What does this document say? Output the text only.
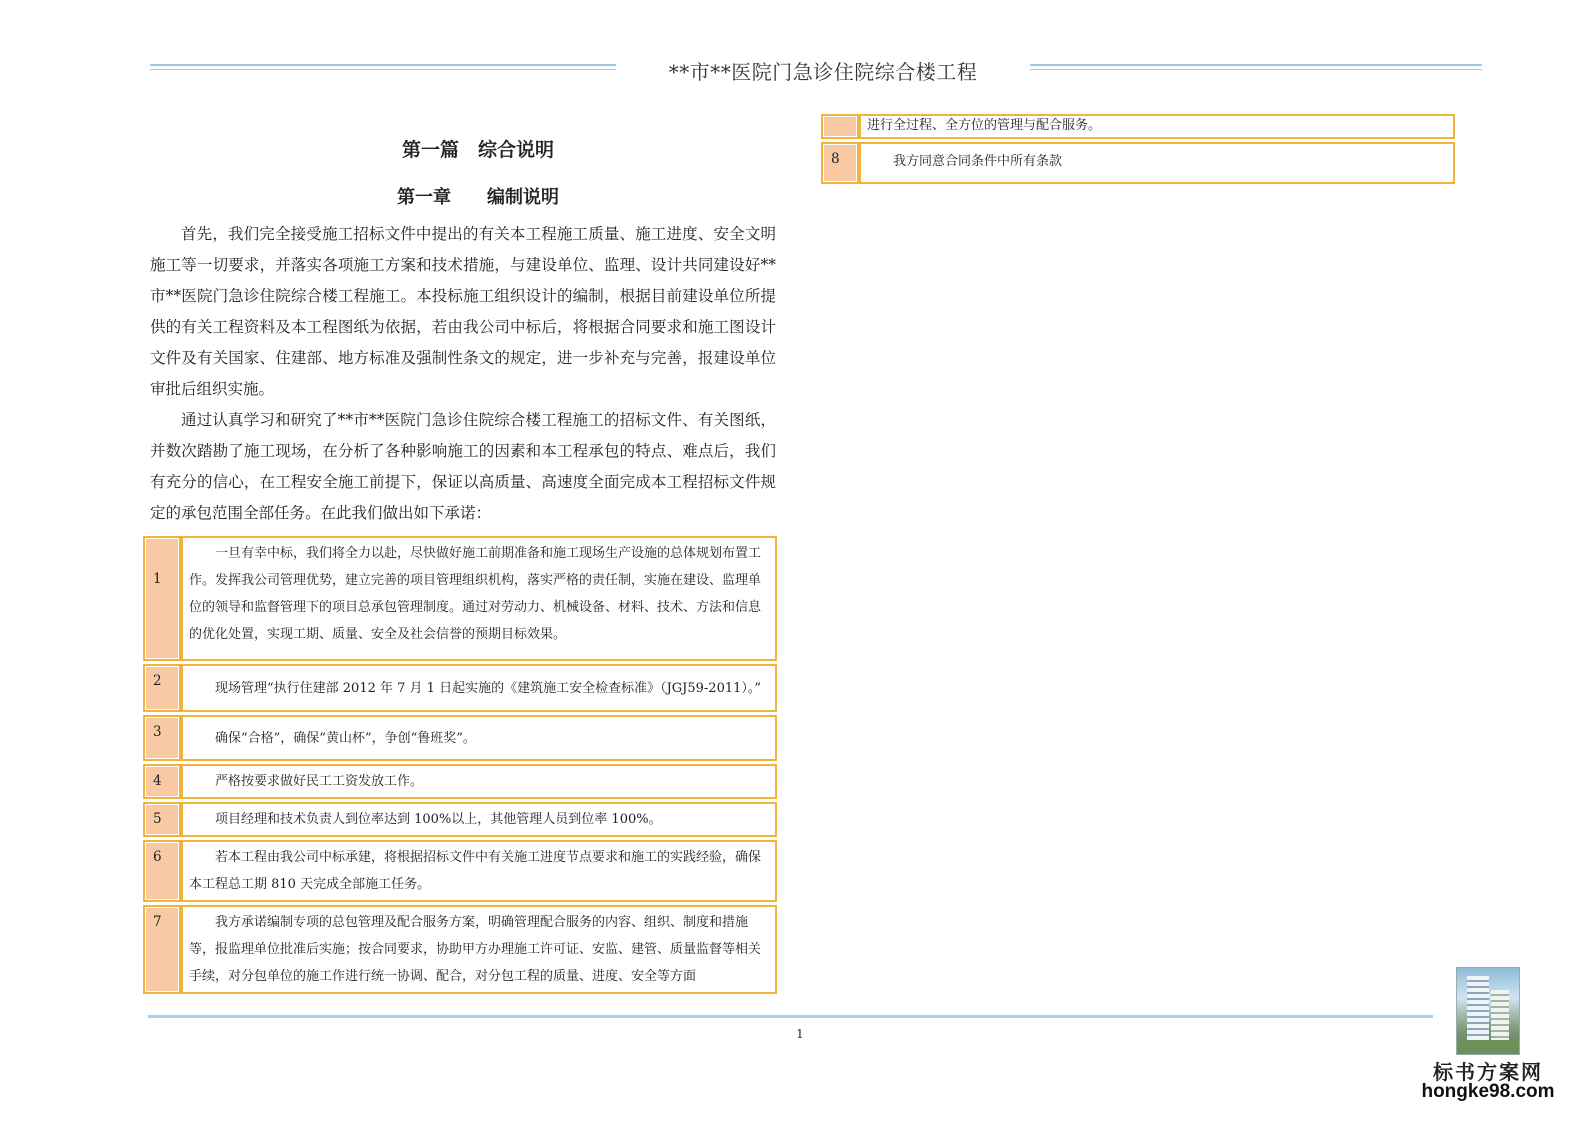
**市**医院门急诊住院综合楼工程
第一篇　综合说明
第一章　　编制说明

首先，我们完全接受施工招标文件中提出的有关本工程施工质量、施工进度、安全文明施工等一切要求，并落实各项施工方案和技术措施，与建设单位、监理、设计共同建设好**市**医院门急诊住院综合楼工程施工。本投标施工组织设计的编制，根据目前建设单位所提供的有关工程资料及本工程图纸为依据，若由我公司中标后，将根据合同要求和施工图设计文件及有关国家、住建部、地方标准及强制性条文的规定，进一步补充与完善，报建设单位审批后组织实施。

通过认真学习和研究了**市**医院门急诊住院综合楼工程施工的招标文件、有关图纸，并数次踏勘了施工现场，在分析了各种影响施工的因素和本工程承包的特点、难点后，我们有充分的信心，在工程安全施工前提下，保证以高质量、高速度全面完成本工程招标文件规定的承包范围全部任务。在此我们做出如下承诺：

1	一旦有幸中标，我们将全力以赴，尽快做好施工前期准备和施工现场生产设施的总体规划布置工作。发挥我公司管理优势，建立完善的项目管理组织机构，落实严格的责任制，实施在建设、监理单位的领导和监督管理下的项目总承包管理制度。通过对劳动力、机械设备、材料、技术、方法和信息的优化处置，实现工期、质量、安全及社会信誉的预期目标效果。

2	现场管理“执行住建部 2012 年 7 月 1 日起实施的《建筑施工安全检查标准》（JGJ59-2011）。”

3	确保“合格”，确保“黄山杯”，争创“鲁班奖”。

4	严格按要求做好民工工资发放工作。

5	项目经理和技术负责人到位率达到 100%以上，其他管理人员到位率 100%。

6	若本工程由我公司中标承建，将根据招标文件中有关施工进度节点要求和施工的实践经验，确保本工程总工期 810 天完成全部施工任务。

7	我方承诺编制专项的总包管理及配合服务方案，明确管理配合服务的内容、组织、制度和措施等，报监理单位批准后实施；按合同要求，协助甲方办理施工许可证、安监、建管、质量监督等相关手续，对分包单位的施工作进行统一协调、配合，对分包工程的质量、进度、安全等方面

	进行全过程、全方位的管理与配合服务。

8	我方同意合同条件中所有条款

1
标书方案网
hongke98.com
